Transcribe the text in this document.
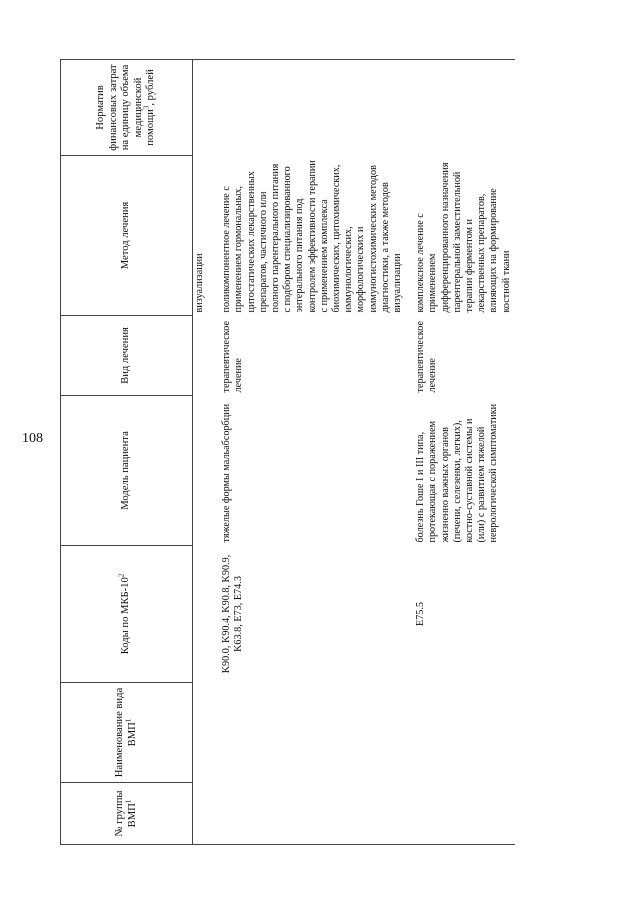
108
№ группы ВМП$^1$	Наименование вида ВМП$^1$	Коды по МКБ-$10^2$	Модель пациента	Вид лечения	Метод лечения	Норматив финансовых затрат на единицу объема медицинской помощи$^3$, рублей
					визуализации	
		K90.0, K90.4, K90.8, K90.9, K63.8, E73, E74.3	тяжелые формы мальабсорбции	терапевтическое лечение	поликомпонентное лечение с применением гормональных, цитостатических лекарственных препаратов, частичного или полного парентерального питания с подбором специализированного энтерального питания под контролем эффективности терапии с применением комплекса биохимических, цитохимических, иммунологических, морфологических и иммуногистохимических методов диагностики, а также методов визуализации	
		E75.5	болезнь Гоше I и III типа, протекающая с поражением жизненно важных органов (печени, селезенки, легких), костно-суставной системы и (или) с развитием тяжелой неврологической симптоматики	терапевтическое лечение	комплексное лечение с применением дифференцированного назначения парентеральной заместительной терапии ферментом и лекарственных препаратов, влияющих на формирование костной ткани	
